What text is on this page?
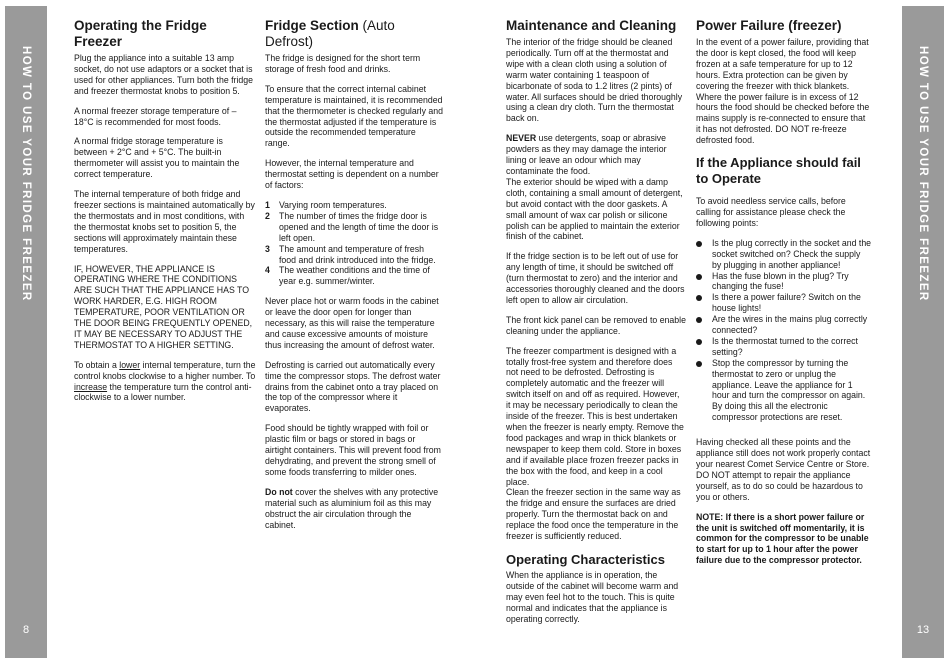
HOW TO USE YOUR FRIDGE FREEZER
8
HOW TO USE YOUR FRIDGE FREEZER
13
Operating the Fridge Freezer

Plug the appliance into a suitable 13 amp socket, do not use adaptors or a socket that is used for other appliances. Turn both the fridge and freezer thermostat knobs to position 5.

A normal freezer storage temperature of – 18°C is recommended for most foods.

A normal fridge storage temperature is between + 2°C and + 5°C. The built-in thermometer will assist you to maintain the correct temperature.

The internal temperature of both fridge and freezer sections is maintained automatically by the thermostats and in most conditions, with the thermostat knobs set to position 5, the sections will approximately maintain these temperatures.

IF, HOWEVER, THE APPLIANCE IS OPERATING WHERE THE CONDITIONS ARE SUCH THAT THE APPLIANCE HAS TO WORK HARDER, E.G. HIGH ROOM TEMPERATURE, POOR VENTILATION OR THE DOOR BEING FREQUENTLY OPENED, IT MAY BE NECESSARY TO ADJUST THE THERMOSTAT TO A HIGHER SETTING.

To obtain a lower internal temperature, turn the control knobs clockwise to a higher number. To increase the temperature turn the control anti-clockwise to a lower number.

Fridge Section (Auto Defrost)

The fridge is designed for the short term storage of fresh food and drinks.

To ensure that the correct internal cabinet temperature is maintained, it is recommended that the thermometer is checked regularly and the thermostat adjusted if the temperature is outside the recommended temperature range.

However, the internal temperature and thermostat setting is dependent on a number of factors:

1 Varying room temperatures.
2 The number of times the fridge door is opened and the length of time the door is left open.
3 The amount and temperature of fresh food and drink introduced into the fridge.
4 The weather conditions and the time of year e.g. summer/winter.

Never place hot or warm foods in the cabinet or leave the door open for longer than necessary, as this will raise the temperature and cause excessive amounts of moisture thus increasing the amount of defrost water.

Defrosting is carried out automatically every time the compressor stops. The defrost water drains from the cabinet onto a tray placed on the top of the compressor where it evaporates.

Food should be tightly wrapped with foil or plastic film or bags or stored in bags or airtight containers. This will prevent food from dehydrating, and prevent the strong smell of some foods transferring to milder ones.

Do not cover the shelves with any protective material such as aluminium foil as this may obstruct the air circulation through the cabinet.

Maintenance and Cleaning

The interior of the fridge should be cleaned periodically. Turn off at the thermostat and wipe with a clean cloth using a solution of warm water containing 1 teaspoon of bicarbonate of soda to 1.2 litres (2 pints) of water. All surfaces should be dried thoroughly using a clean dry cloth. Turn the thermostat back on.

NEVER use detergents, soap or abrasive powders as they may damage the interior lining or leave an odour which may contaminate the food.

The exterior should be wiped with a damp cloth, containing a small amount of detergent, but avoid contact with the door gaskets. A small amount of wax car polish or silicone polish can be applied to maintain the exterior finish of the cabinet.

If the fridge section is to be left out of use for any length of time, it should be switched off (turn thermostat to zero) and the interior and accessories thoroughly cleaned and the doors left open to allow air circulation.

The front kick panel can be removed to enable cleaning under the appliance.

The freezer compartment is designed with a totally frost-free system and therefore does not need to be defrosted. Defrosting is completely automatic and the freezer will switch itself on and off as required. However, it may be necessary periodically to clean the inside of the freezer. This is best undertaken when the freezer is nearly empty. Remove the food packages and wrap in thick blankets or newspaper to keep them cold. Store in boxes and if available place frozen freezer packs in the box with the food, and keep in a cool place.

Clean the freezer section in the same way as the fridge and ensure the surfaces are dried properly. Turn the thermostat back on and replace the food once the temperature in the freezer is sufficiently reduced.

Operating Characteristics

When the appliance is in operation, the outside of the cabinet will become warm and may even feel hot to the touch. This is quite normal and indicates that the appliance is operating correctly.

Power Failure (freezer)

In the event of a power failure, providing that the door is kept closed, the food will keep frozen at a safe temperature for up to 12 hours. Extra protection can be given by covering the freezer with thick blankets. Where the power failure is in excess of 12 hours the food should be checked before the mains supply is re-connected to ensure that it has not defrosted. DO NOT re-freeze defrosted food.

If the Appliance should fail to Operate

To avoid needless service calls, before calling for assistance please check the following points:

Is the plug correctly in the socket and the socket switched on? Check the supply by plugging in another appliance!
Has the fuse blown in the plug? Try changing the fuse!
Is there a power failure? Switch on the house lights!
Are the wires in the mains plug correctly connected?
Is the thermostat turned to the correct setting?
Stop the compressor by turning the thermostat to zero or unplug the appliance. Leave the appliance for 1 hour and turn the compressor on again. By doing this all the electronic compressor protections are reset.

Having checked all these points and the appliance still does not work properly contact your nearest Comet Service Centre or Store. DO NOT attempt to repair the appliance yourself, as to do so could be hazardous to you or others.

NOTE: If there is a short power failure or the unit is switched off momentarily, it is common for the compressor to be unable to start for up to 1 hour after the power failure due to the compressor protector.
